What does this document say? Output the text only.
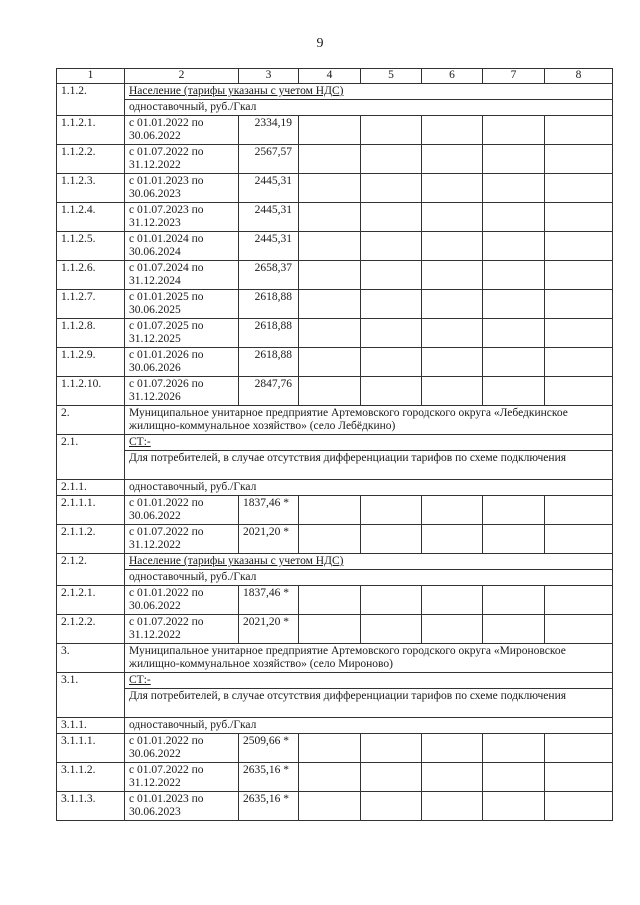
9
1	2	3	4	5	6	7	8
1.1.2.	Население (тарифы указаны с учетом НДС)						
	одноставочный, руб./Гкал						
1.1.2.1.	с 01.01.2022 по 30.06.2022	2334,19					
1.1.2.2.	с 01.07.2022 по 31.12.2022	2567,57					
1.1.2.3.	с 01.01.2023 по 30.06.2023	2445,31					
1.1.2.4.	с 01.07.2023 по 31.12.2023	2445,31					
1.1.2.5.	с 01.01.2024 по 30.06.2024	2445,31					
1.1.2.6.	с 01.07.2024 по 31.12.2024	2658,37					
1.1.2.7.	с 01.01.2025 по 30.06.2025	2618,88					
1.1.2.8.	с 01.07.2025 по 31.12.2025	2618,88					
1.1.2.9.	с 01.01.2026 по 30.06.2026	2618,88					
1.1.2.10.	с 01.07.2026 по 31.12.2026	2847,76					
2.	Муниципальное унитарное предприятие Артемовского городского округа «Лебедкинское жилищно-коммунальное хозяйство» (село Лебёдкино)						
2.1.	СТ:-						
	Для потребителей, в случае отсутствия дифференциации тарифов по схеме подключения						
2.1.1.	одноставочный, руб./Гкал						
2.1.1.1.	с 01.01.2022 по 30.06.2022	1837,46 *					
2.1.1.2.	с 01.07.2022 по 31.12.2022	2021,20 *					
2.1.2.	Население (тарифы указаны с учетом НДС)						
	одноставочный, руб./Гкал						
2.1.2.1.	с 01.01.2022 по 30.06.2022	1837,46 *					
2.1.2.2.	с 01.07.2022 по 31.12.2022	2021,20 *					
3.	Муниципальное унитарное предприятие Артемовского городского округа «Мироновское жилищно-коммунальное хозяйство» (село Мироново)						
3.1.	СТ:-						
	Для потребителей, в случае отсутствия дифференциации тарифов по схеме подключения						
3.1.1.	одноставочный, руб./Гкал						
3.1.1.1.	с 01.01.2022 по 30.06.2022	2509,66 *					
3.1.1.2.	с 01.07.2022 по 31.12.2022	2635,16 *					
3.1.1.3.	с 01.01.2023 по 30.06.2023	2635,16 *					
